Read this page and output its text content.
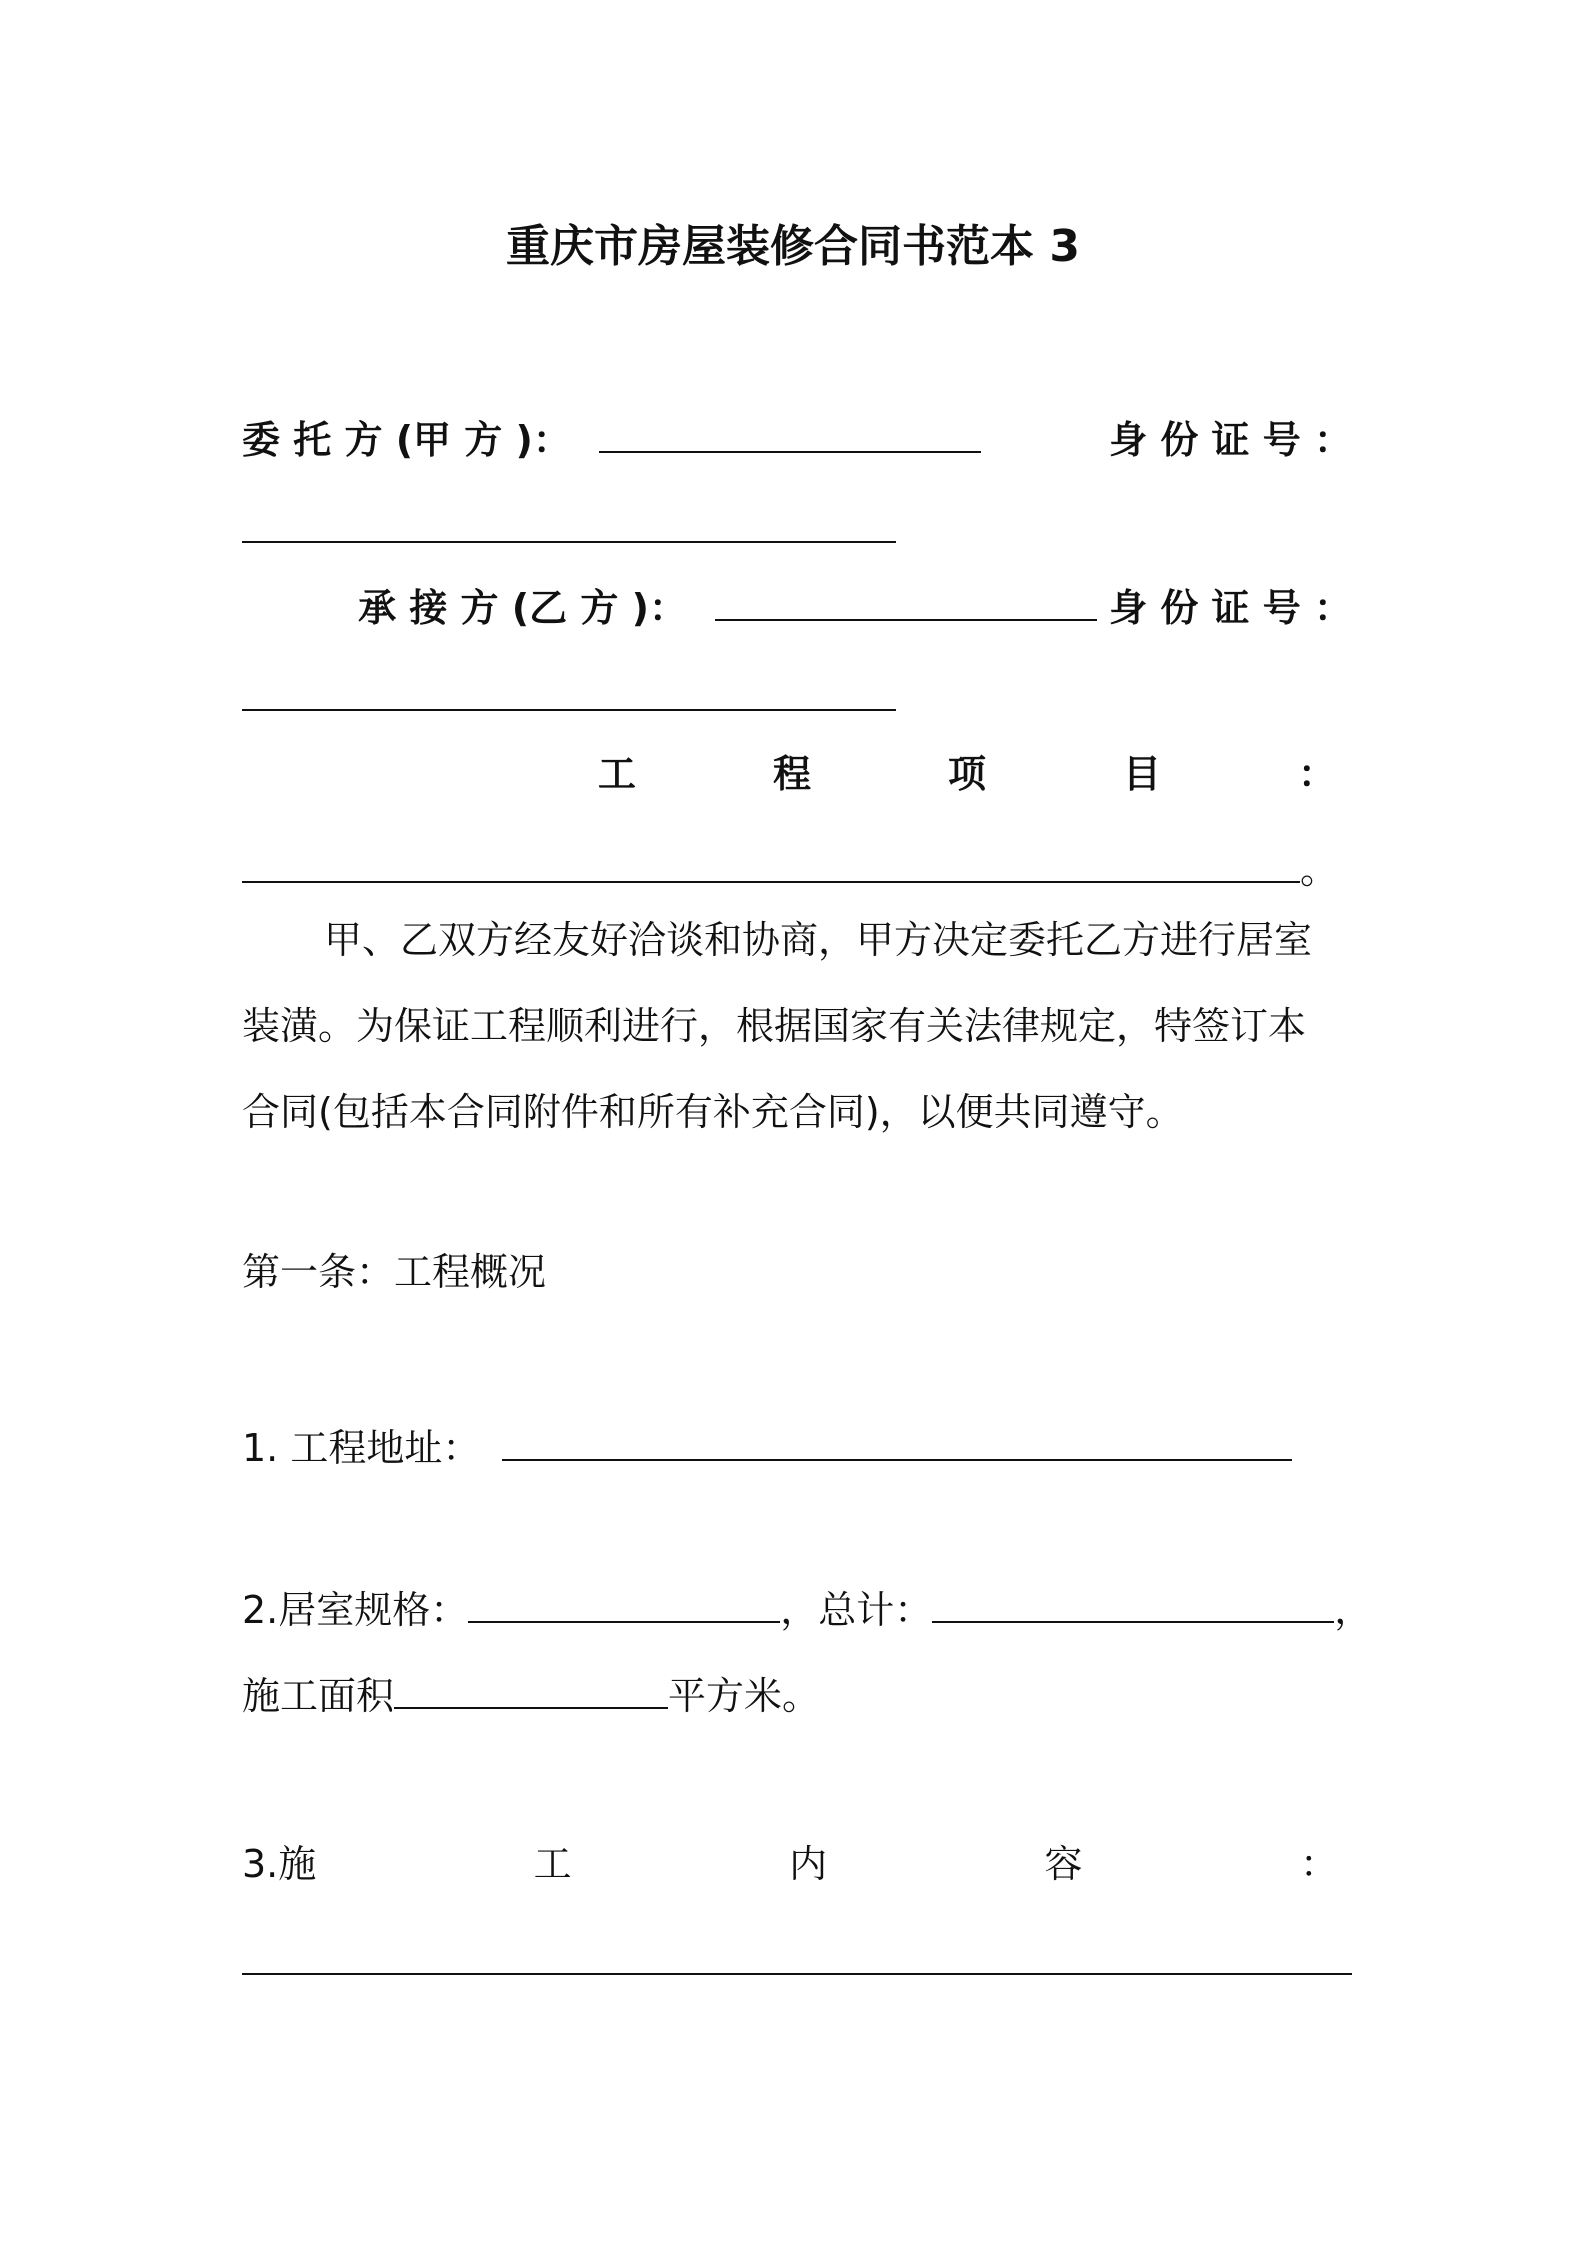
重庆市房屋装修合同书范本 3
委 托 方 (甲 方 )：	身 份 证 号 ：
承 接 方 (乙 方 )：	身 份 证 号 ：
工	程	项	目	：
。
甲、乙双方经友好洽谈和协商，甲方决定委托乙方进行居室
装潢。为保证工程顺利进行，根据国家有关法律规定，特签订本
合同(包括本合同附件和所有补充合同)，以便共同遵守。
第一条：工程概况
1. 工程地址：
2.居室规格：	，总计：	，
施工面积	平方米。
3.施	工	内	容	：
